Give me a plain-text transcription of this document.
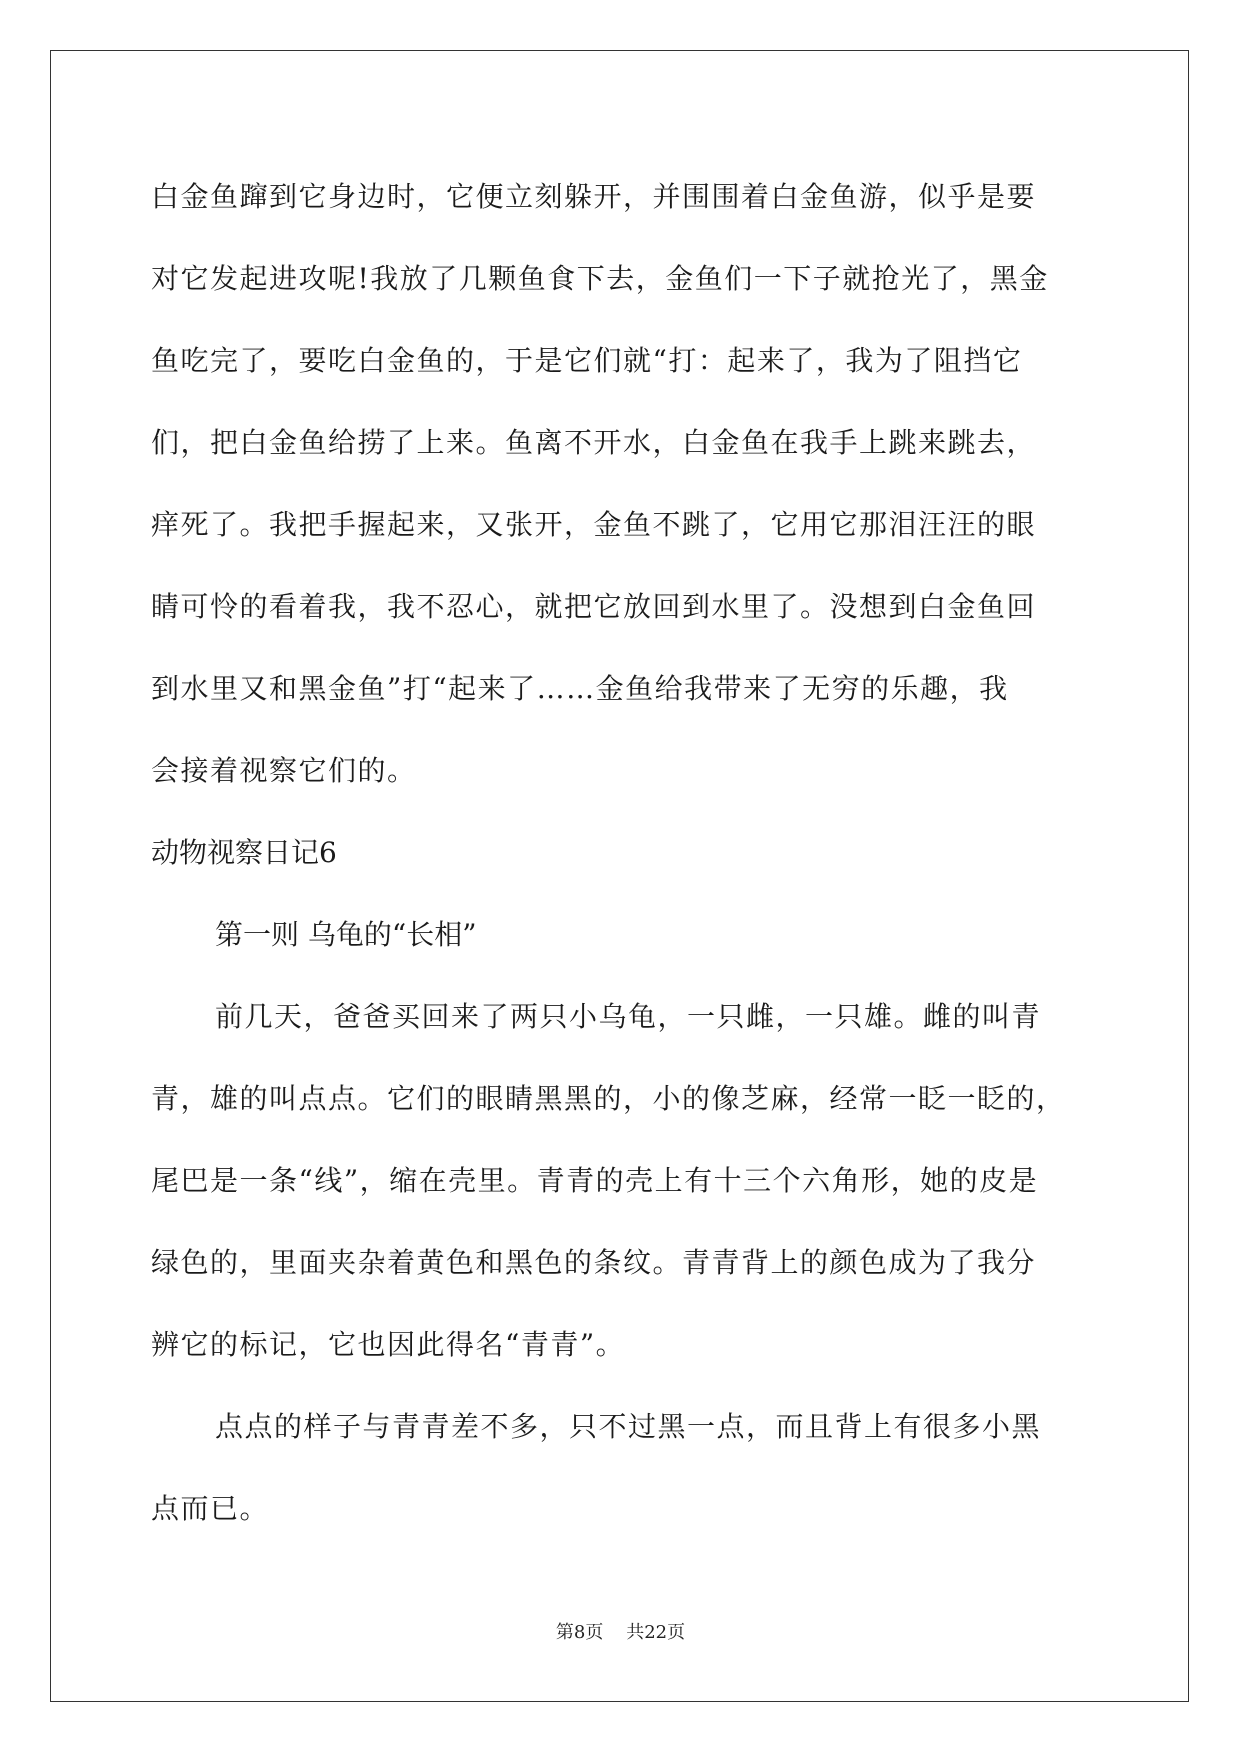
白金鱼蹿到它身边时，它便立刻躲开，并围围着白金鱼游，似乎是要
对它发起进攻呢!我放了几颗鱼食下去，金鱼们一下子就抢光了，黑金
鱼吃完了，要吃白金鱼的，于是它们就“打：起来了，我为了阻挡它
们，把白金鱼给捞了上来。鱼离不开水，白金鱼在我手上跳来跳去，
痒死了。我把手握起来，又张开，金鱼不跳了，它用它那泪汪汪的眼
睛可怜的看着我，我不忍心，就把它放回到水里了。没想到白金鱼回
到水里又和黑金鱼”打“起来了……金鱼给我带来了无穷的乐趣，我
会接着视察它们的。
动物视察日记6
第一则 乌龟的“长相”
前几天，爸爸买回来了两只小乌龟，一只雌，一只雄。雌的叫青
青，雄的叫点点。它们的眼睛黑黑的，小的像芝麻，经常一眨一眨的，
尾巴是一条“线”，缩在壳里。青青的壳上有十三个六角形，她的皮是
绿色的，里面夹杂着黄色和黑色的条纹。青青背上的颜色成为了我分
辨它的标记，它也因此得名“青青”。
点点的样子与青青差不多，只不过黑一点，而且背上有很多小黑
点而已。
第8页    共22页
